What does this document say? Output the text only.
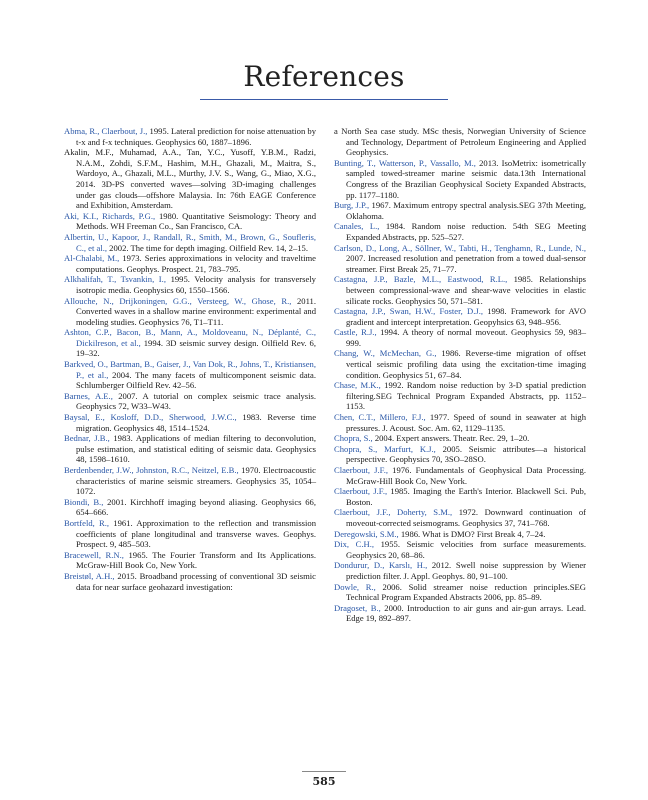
References

Abma, R., Claerbout, J., 1995. Lateral prediction for noise attenuation by t-x and f-x techniques. Geophysics 60, 1887–1896.

Akalin, M.F., Muhamad, A.A., Tan, Y.C., Yusoff, Y.B.M., Radzi, N.A.M., Zohdi, S.F.M., Hashim, M.H., Ghazali, M., Maitra, S., Wardoyo, A., Ghazali, M.L., Murthy, J.V. S., Wang, G., Miao, X.G., 2014. 3D-PS converted waves—solving 3D-imaging challenges under gas clouds—offshore Malaysia. In: 76th EAGE Conference and Exhibition, Amsterdam.

Aki, K.I., Richards, P.G., 1980. Quantitative Seismology: Theory and Methods. WH Freeman Co., San Francisco, CA.

Albertin, U., Kapoor, J., Randall, R., Smith, M., Brown, G., Soufleris, C., et al., 2002. The time for depth imaging. Oilfield Rev. 14, 2–15.

Al-Chalabi, M., 1973. Series approximations in velocity and traveltime computations. Geophys. Prospect. 21, 783–795.

Alkhalifah, T., Tsvankin, I., 1995. Velocity analysis for transversely isotropic media. Geophysics 60, 1550–1566.

Allouche, N., Drijkoningen, G.G., Versteeg, W., Ghose, R., 2011. Converted waves in a shallow marine environment: experimental and modeling studies. Geophysics 76, T1–T11.

Ashton, C.P., Bacon, B., Mann, A., Moldoveanu, N., Déplanté, C., Dickilreson, et al., 1994. 3D seismic survey design. Oilfield Rev. 6, 19–32.

Barkved, O., Bartman, B., Gaiser, J., Van Dok, R., Johns, T., Kristiansen, P., et al., 2004. The many facets of multicomponent seismic data. Schlumberger Oilfield Rev. 42–56.

Barnes, A.E., 2007. A tutorial on complex seismic trace analysis. Geophysics 72, W33–W43.

Baysal, E., Kosloff, D.D., Sherwood, J.W.C., 1983. Reverse time migration. Geophysics 48, 1514–1524.

Bednar, J.B., 1983. Applications of median filtering to deconvolution, pulse estimation, and statistical editing of seismic data. Geophysics 48, 1598–1610.

Berdenbender, J.W., Johnston, R.C., Neitzel, E.B., 1970. Electroacoustic characteristics of marine seismic streamers. Geophysics 35, 1054–1072.

Biondi, B., 2001. Kirchhoff imaging beyond aliasing. Geophysics 66, 654–666.

Bortfeld, R., 1961. Approximation to the reflection and transmission coefficients of plane longitudinal and transverse waves. Geophys. Prospect. 9, 485–503.

Bracewell, R.N., 1965. The Fourier Transform and Its Applications. McGraw-Hill Book Co, New York.

Breistøl, A.H., 2015. Broadband processing of conventional 3D seismic data for near surface geohazard investigation:

a North Sea case study. MSc thesis, Norwegian University of Science and Technology, Department of Petroleum Engineering and Applied Geophysics.

Bunting, T., Watterson, P., Vassallo, M., 2013. IsoMetrix: isometrically sampled towed-streamer marine seismic data.13th International Congress of the Brazilian Geophysical Society Expanded Abstracts, pp. 1177–1180.

Burg, J.P., 1967. Maximum entropy spectral analysis.SEG 37th Meeting, Oklahoma.

Canales, L., 1984. Random noise reduction. 54th SEG Meeting Expanded Abstracts, pp. 525–527.

Carlson, D., Long, A., Söllner, W., Tabti, H., Tenghamn, R., Lunde, N., 2007. Increased resolution and penetration from a towed dual-sensor streamer. First Break 25, 71–77.

Castagna, J.P., Bazle, M.L., Eastwood, R.L., 1985. Relationships between compressional-wave and shear-wave velocities in elastic silicate rocks. Geophysics 50, 571–581.

Castagna, J.P., Swan, H.W., Foster, D.J., 1998. Framework for AVO gradient and intercept interpretation. Geopyhsics 63, 948–956.

Castle, R.J., 1994. A theory of normal moveout. Geophysics 59, 983–999.

Chang, W., McMechan, G., 1986. Reverse-time migration of offset vertical seismic profiling data using the excitation-time imaging condition. Geophysics 51, 67–84.

Chase, M.K., 1992. Random noise reduction by 3-D spatial prediction filtering.SEG Technical Program Expanded Abstracts, pp. 1152–1153.

Chen, C.T., Millero, F.J., 1977. Speed of sound in seawater at high pressures. J. Acoust. Soc. Am. 62, 1129–1135.

Chopra, S., 2004. Expert answers. Theatr. Rec. 29, 1–20.

Chopra, S., Marfurt, K.J., 2005. Seismic attributes—a historical perspective. Geophysics 70, 3SO–28SO.

Claerbout, J.F., 1976. Fundamentals of Geophysical Data Processing. McGraw-Hill Book Co, New York.

Claerbout, J.F., 1985. Imaging the Earth's Interior. Blackwell Sci. Pub, Boston.

Claerbout, J.F., Doherty, S.M., 1972. Downward continuation of moveout-corrected seismograms. Geophysics 37, 741–768.

Deregowski, S.M., 1986. What is DMO? First Break 4, 7–24.

Dix, C.H., 1955. Seismic velocities from surface measurements. Geophysics 20, 68–86.

Dondurur, D., Karslı, H., 2012. Swell noise suppression by Wiener prediction filter. J. Appl. Geophys. 80, 91–100.

Dowle, R., 2006. Solid streamer noise reduction principles.SEG Technical Program Expanded Abstracts 2006, pp. 85–89.

Dragoset, B., 2000. Introduction to air guns and air-gun arrays. Lead. Edge 19, 892–897.

585
